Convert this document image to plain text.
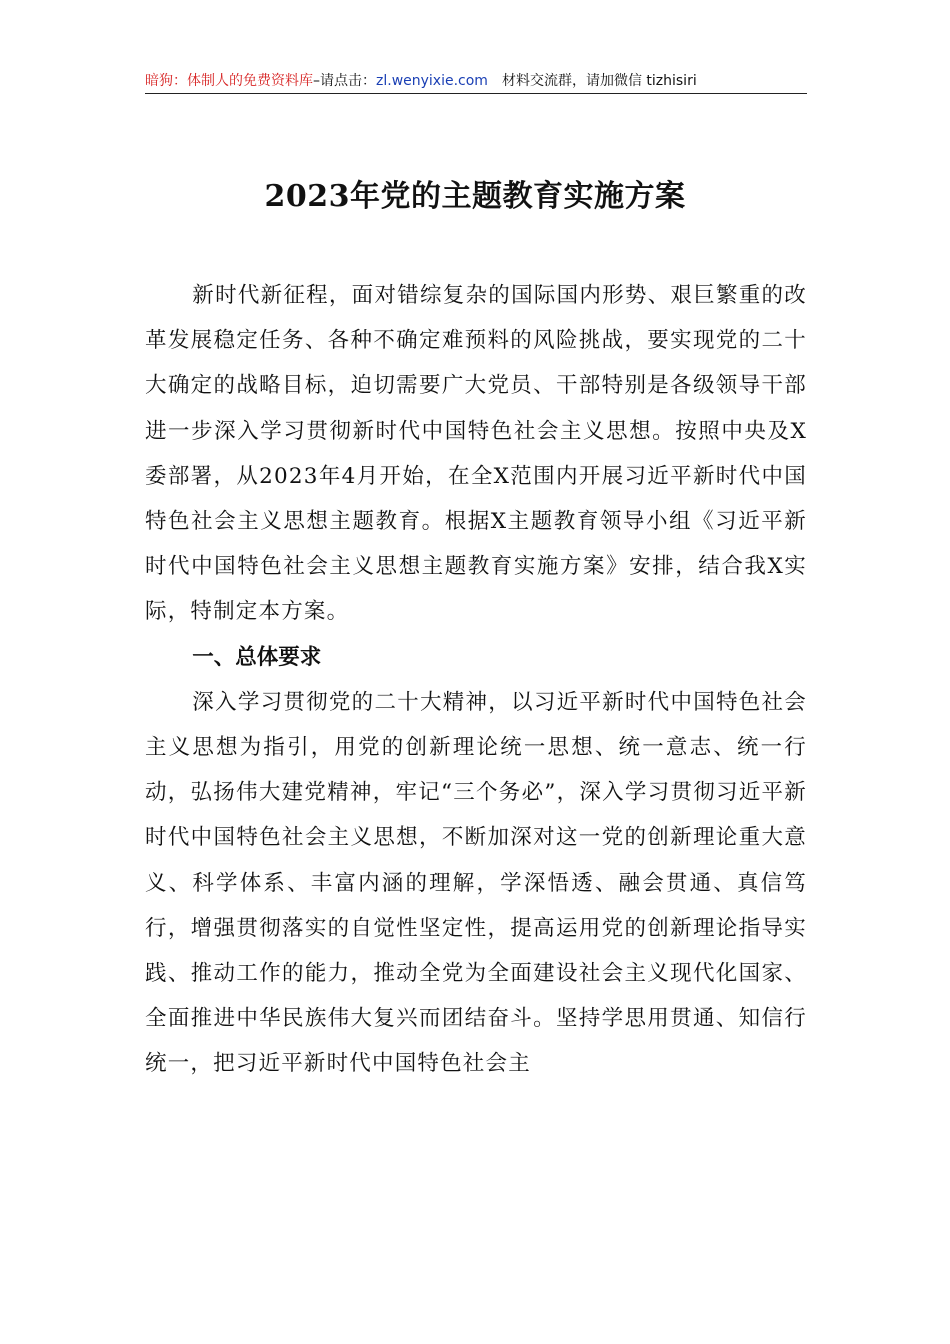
暗狗：体制人的免费资料库 –请点击： zl.wenyixie.com 材料交流群，请加微信 tizhisiri
2023年党的主题教育实施方案

新时代新征程，面对错综复杂的国际国内形势、艰巨繁重的改革发展稳定任务、各种不确定难预料的风险挑战，要实现党的二十大确定的战略目标，迫切需要广大党员、干部特别是各级领导干部进一步深入学习贯彻新时代中国特色社会主义思想。按照中央及X委部署，从2023年4月开始，在全X范围内开展习近平新时代中国特色社会主义思想主题教育。根据X主题教育领导小组《习近平新时代中国特色社会主义思想主题教育实施方案》安排，结合我X实际，特制定本方案。

一、总体要求

深入学习贯彻党的二十大精神，以习近平新时代中国特色社会主义思想为指引，用党的创新理论统一思想、统一意志、统一行动，弘扬伟大建党精神，牢记“三个务必”，深入学习贯彻习近平新时代中国特色社会主义思想，不断加深对这一党的创新理论重大意义、科学体系、丰富内涵的理解，学深悟透、融会贯通、真信笃行，增强贯彻落实的自觉性坚定性，提高运用党的创新理论指导实践、推动工作的能力，推动全党为全面建设社会主义现代化国家、全面推进中华民族伟大复兴而团结奋斗。坚持学思用贯通、知信行统一，把习近平新时代中国特色社会主
